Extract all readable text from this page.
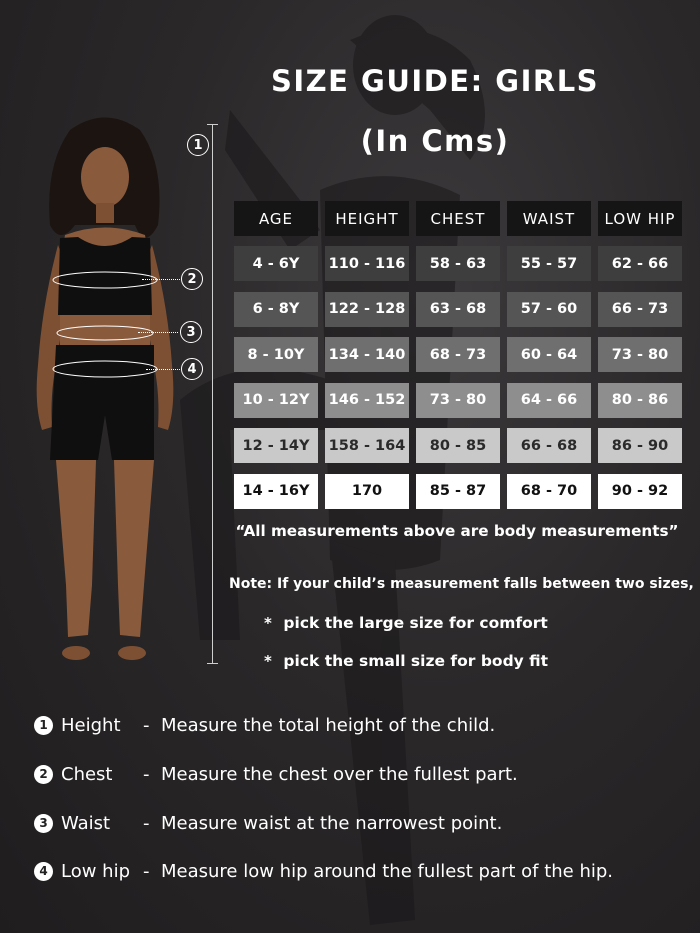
SIZE GUIDE: GIRLS
(In Cms)
AGE	HEIGHT	CHEST	WAIST	LOW HIP
4 - 6Y	110 - 116	58 - 63	55 - 57	62 - 66
6 - 8Y	122 - 128	63 - 68	57 - 60	66 - 73
8 - 10Y	134 - 140	68 - 73	60 - 64	73 - 80
10 - 12Y	146 - 152	73 - 80	64 - 66	80 - 86
12 - 14Y	158 - 164	80 - 85	66 - 68	86 - 90
14 - 16Y	170	85 - 87	68 - 70	90 - 92
“All measurements above are body measurements”
Note: If your child’s measurement falls between two sizes,
* pick the large size for comfort
* pick the small size for body fit
1
2
3
4
1 Height	- Measure the total height of the child.
2 Chest	- Measure the chest over the fullest part.
3 Waist	- Measure waist at the narrowest point.
4 Low hip - Measure low hip around the fullest part of the hip.
